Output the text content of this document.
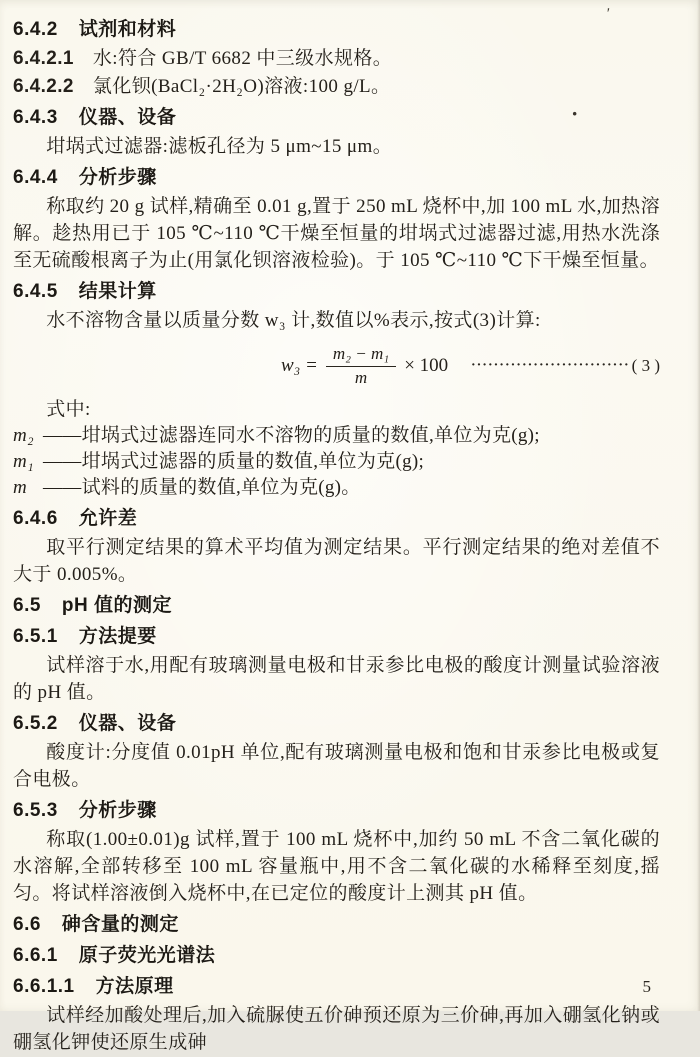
6.4.2 试剂和材料
6.4.2.1 水:符合 GB/T 6682 中三级水规格。
6.4.2.2 氯化钡(BaCl₂·2H₂O)溶液:100 g/L。
6.4.3 仪器、设备
坩埚式过滤器:滤板孔径为 5 μm~15 μm。
6.4.4 分析步骤
称取约 20 g 试样,精确至 0.01 g,置于 250 mL 烧杯中,加 100 mL 水,加热溶解。趁热用已于 105 ℃~110 ℃干燥至恒量的坩埚式过滤器过滤,用热水洗涤至无硫酸根离子为止(用氯化钡溶液检验)。于 105 ℃~110 ℃下干燥至恒量。
6.4.5 结果计算
水不溶物含量以质量分数 w₃ 计,数值以%表示,按式(3)计算:
$w_3 = \frac{\text{m₂ − m₁}}{m} \times 100$ ···························· ( 3 )
式中:
m₂ ——坩埚式过滤器连同水不溶物的质量的数值,单位为克(g);
m₁ ——坩埚式过滤器的质量的数值,单位为克(g);
m ——试料的质量的数值,单位为克(g)。
6.4.6 允许差
取平行测定结果的算术平均值为测定结果。平行测定结果的绝对差值不大于 0.005%。
6.5 pH 值的测定
6.5.1 方法提要
试样溶于水,用配有玻璃测量电极和甘汞参比电极的酸度计测量试验溶液的 pH 值。
6.5.2 仪器、设备
酸度计:分度值 0.01pH 单位,配有玻璃测量电极和饱和甘汞参比电极或复合电极。
6.5.3 分析步骤
称取(1.00±0.01)g 试样,置于 100 mL 烧杯中,加约 50 mL 不含二氧化碳的水溶解,全部转移至 100 mL 容量瓶中,用不含二氧化碳的水稀释至刻度,摇匀。将试样溶液倒入烧杯中,在已定位的酸度计上测其 pH 值。
6.6 砷含量的测定
6.6.1 原子荧光光谱法
6.6.1.1 方法原理
试样经加酸处理后,加入硫脲使五价砷预还原为三价砷,再加入硼氢化钠或硼氢化钾使还原生成砷
'
·
5
